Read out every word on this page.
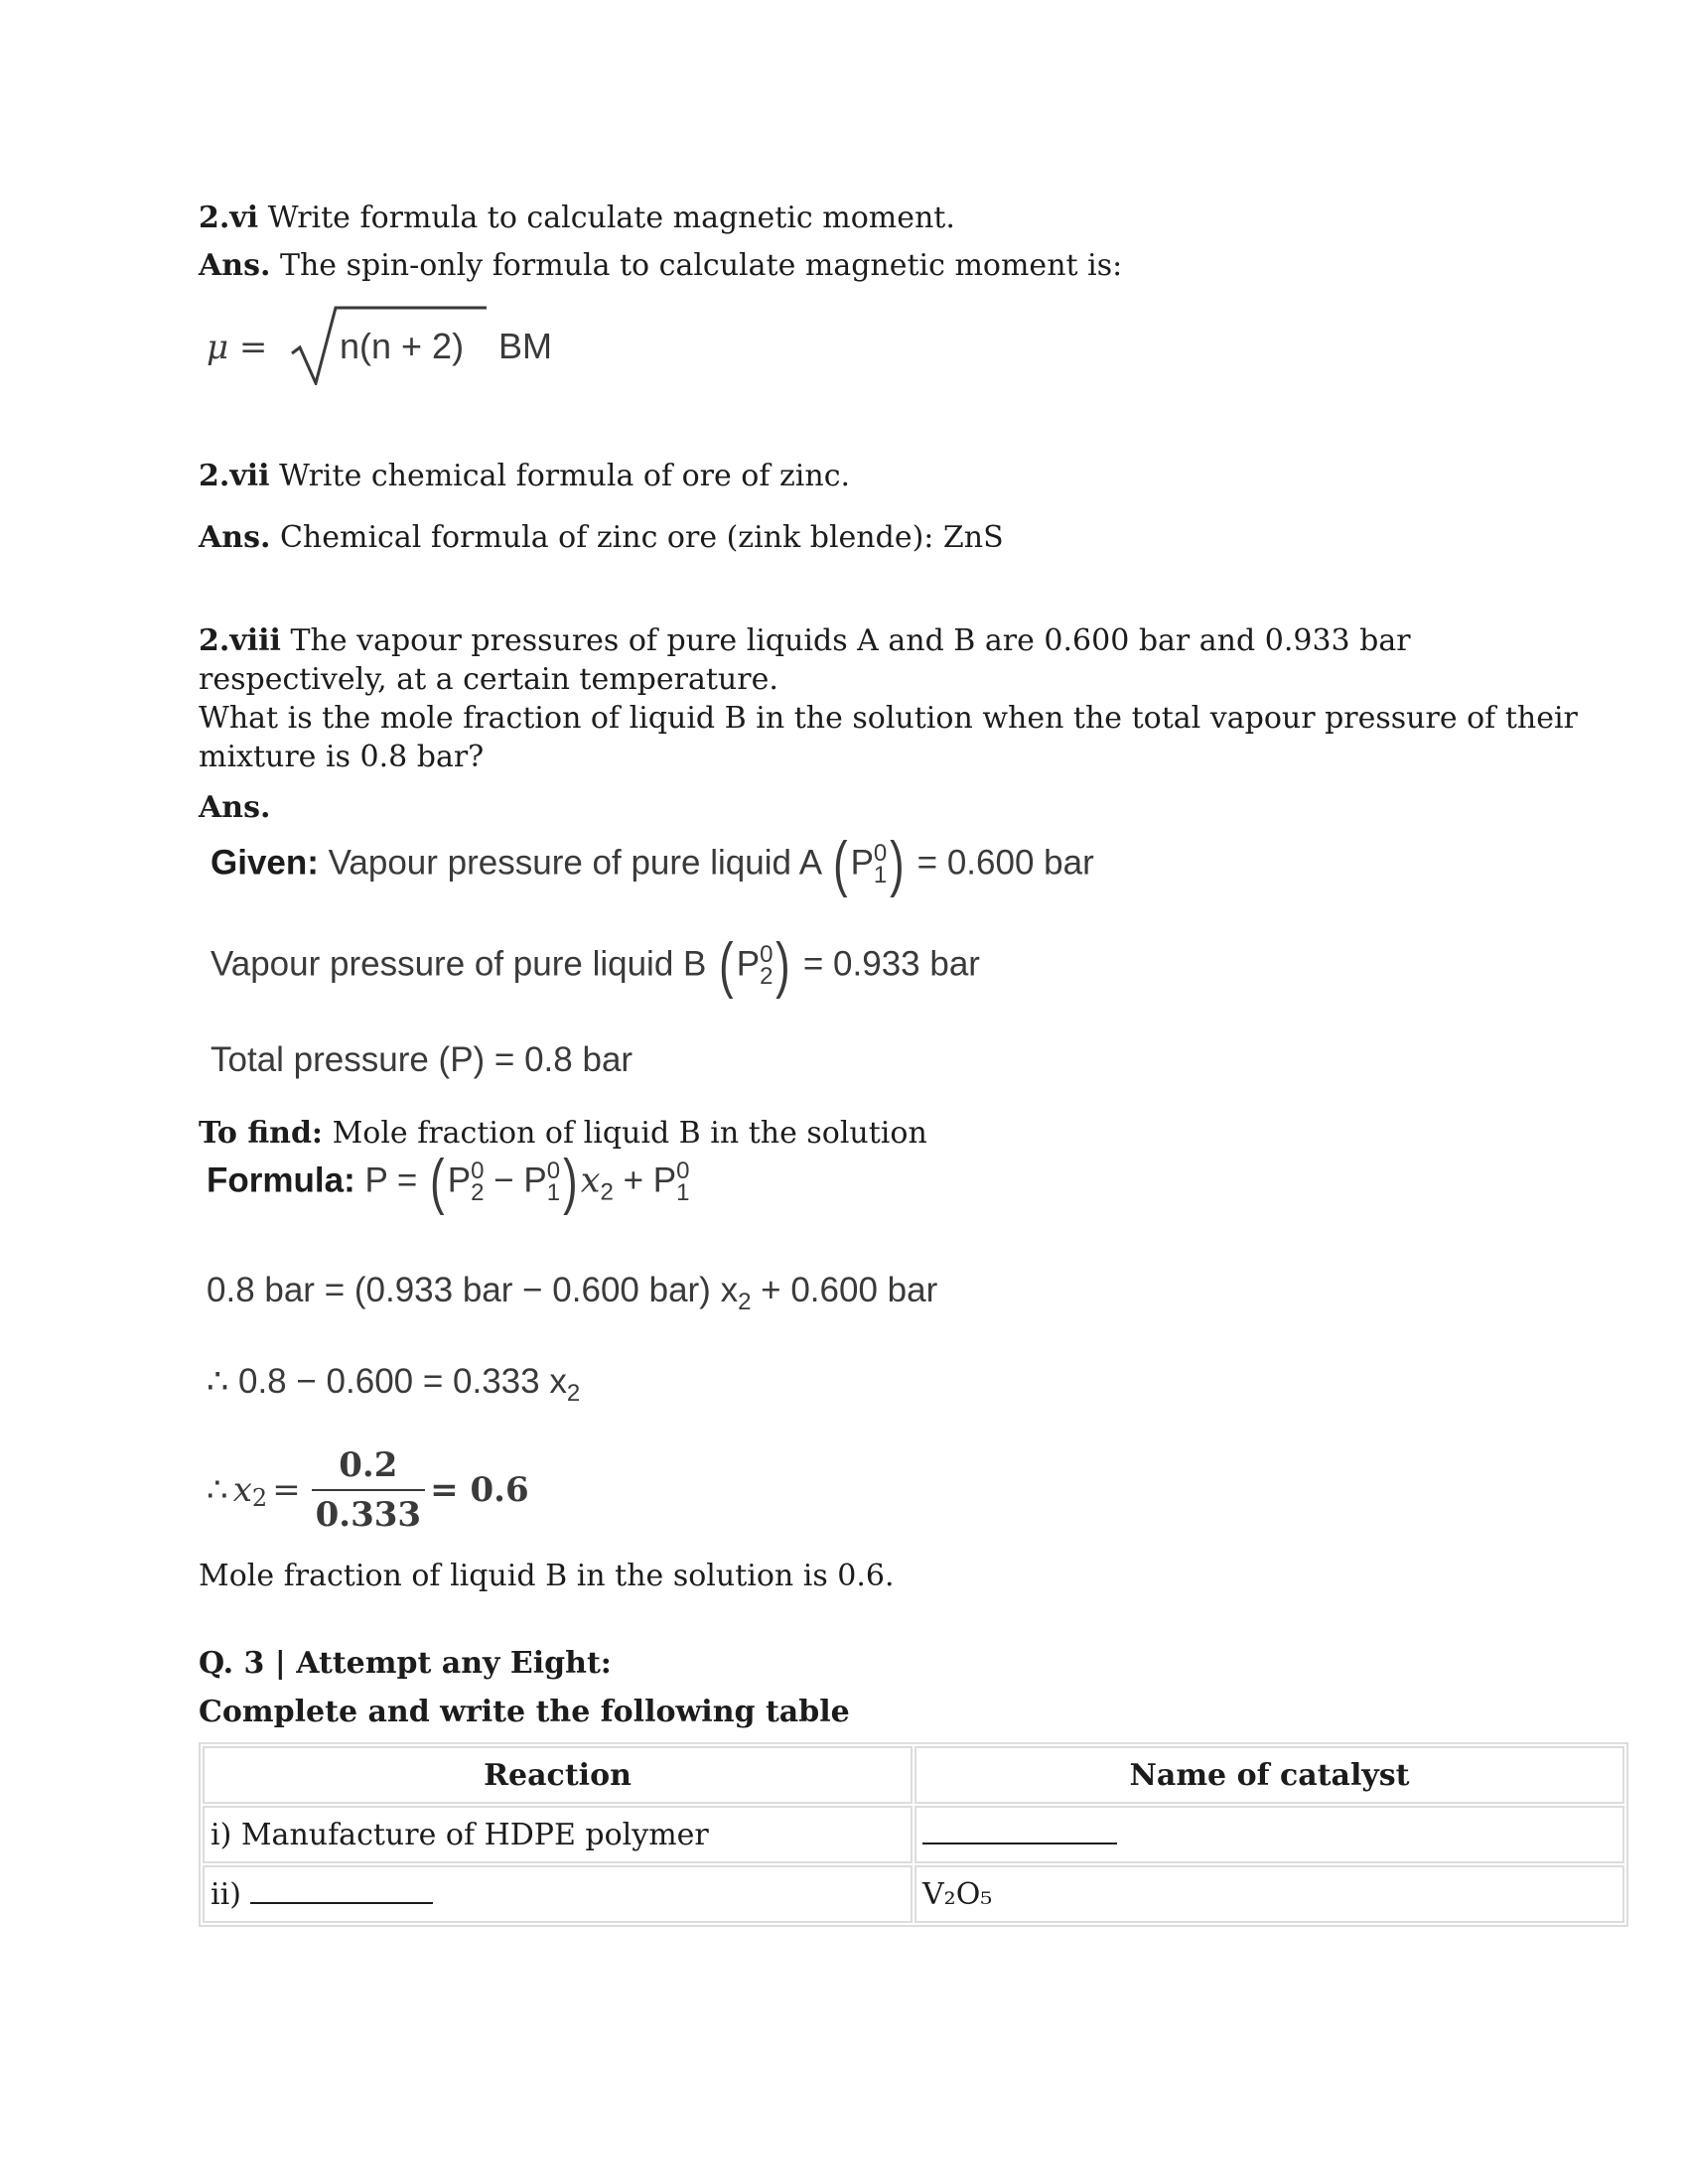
2.vi Write formula to calculate magnetic moment.

Ans. The spin-only formula to calculate magnetic moment is:

μ = n(n + 2) BM

2.vii Write chemical formula of ore of zinc.

Ans. Chemical formula of zinc ore (zink blende): ZnS

2.viii The vapour pressures of pure liquids A and B are 0.600 bar and 0.933 bar

respectively, at a certain temperature.

What is the mole fraction of liquid B in the solution when the total vapour pressure of their

mixture is 0.8 bar?

Ans.

Given: Vapour pressure of pure liquid A (P 0
1 ) = 0.600 bar
Vapour pressure of pure liquid B (P 0
2 ) = 0.933 bar
Total pressure (P) = 0.8 bar

To find: Mole fraction of liquid B in the solution

Formula: P = (P 0
2 − P 0
1 )$x_2 + P$ 0
1
0.8 bar = (0.933 bar − 0.600 bar) $x_2 + 0.600$ bar
∴ 0.8 − 0.600 = 0.333 $x_2$
∴ $x2 = \frac{0.2}{0.333} = 0.6$

Mole fraction of liquid B in the solution is 0.6.

Q. 3 | Attempt any Eight:

Complete and write the following table

Reaction	Name of catalyst
i) Manufacture of HDPE polymer	
ii)	V₂O₅
